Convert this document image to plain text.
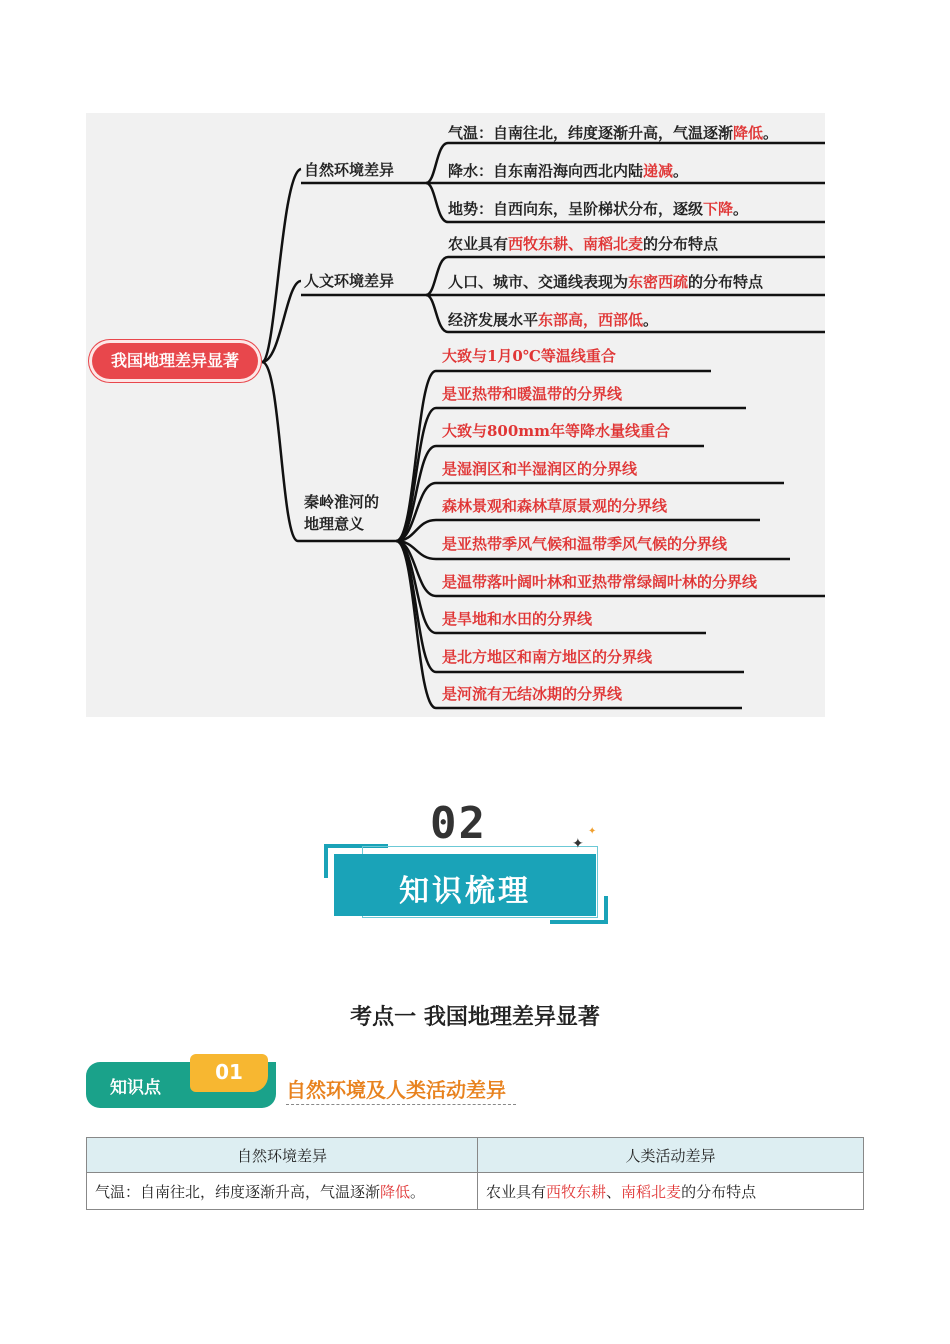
我国地理差异显著
自然环境差异
人文环境差异
秦岭淮河的
地理意义
气温：自南往北，纬度逐渐升高，气温逐渐降低。
降水：自东南沿海向西北内陆递减。
地势：自西向东，呈阶梯状分布，逐级下降。
农业具有西牧东耕、南稻北麦的分布特点
人口、城市、交通线表现为东密西疏的分布特点
经济发展水平东部高，西部低。
大致与1月0℃等温线重合
是亚热带和暖温带的分界线
大致与800mm年等降水量线重合
是湿润区和半湿润区的分界线
森林景观和森林草原景观的分界线
是亚热带季风气候和温带季风气候的分界线
是温带落叶阔叶林和亚热带常绿阔叶林的分界线
是旱地和水田的分界线
是北方地区和南方地区的分界线
是河流有无结冰期的分界线
02
知识梳理
✦
✦
考点一 我国地理差异显著
知识点
01
自然环境及人类活动差异
自然环境差异	人类活动差异
气温：自南往北，纬度逐渐升高，气温逐渐降低。	农业具有西牧东耕、南稻北麦的分布特点
